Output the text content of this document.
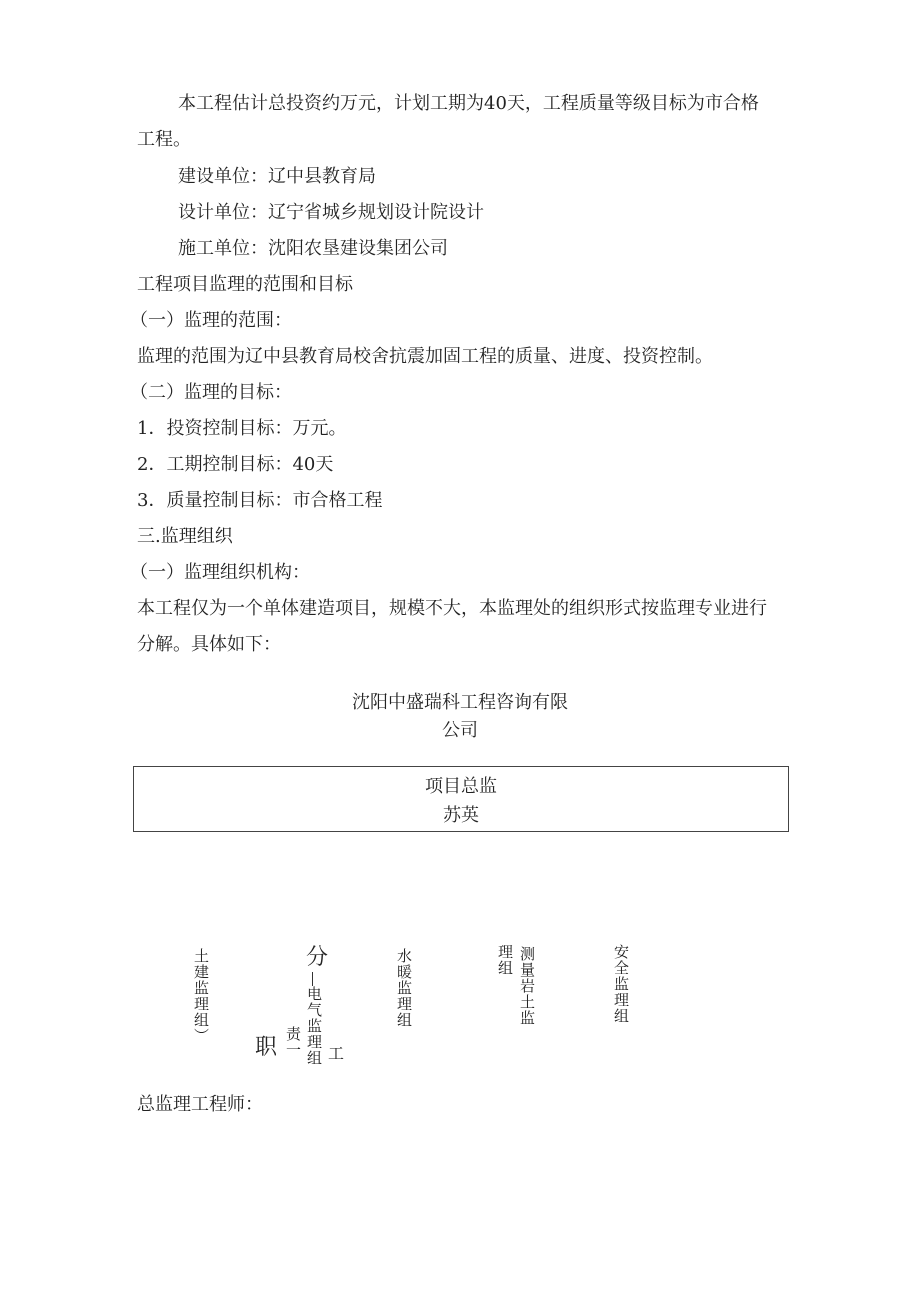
本工程估计总投资约万元，计划工期为40天，工程质量等级目标为市合格

工程。

建设单位：辽中县教育局

设计单位：辽宁省城乡规划设计院设计

施工单位：沈阳农垦建设集团公司

工程项目监理的范围和目标

（一）监理的范围：

监理的范围为辽中县教育局校舍抗震加固工程的质量、进度、投资控制。

（二）监理的目标：

1．投资控制目标：万元。

2．工期控制目标：40天

3．质量控制目标：市合格工程

三.监理组织

（一）监理组织机构：

本工程仅为一个单体建造项目，规模不大，本监理处的组织形式按监理专业进行

分解。具体如下：

沈阳中盛瑞科工程咨询有限
公司
项目总监
苏英
土建监理组）	分
电气监理组 工
责一
职
水暖监理组	理组 测量岩土监	安全监理组

总监理工程师：
